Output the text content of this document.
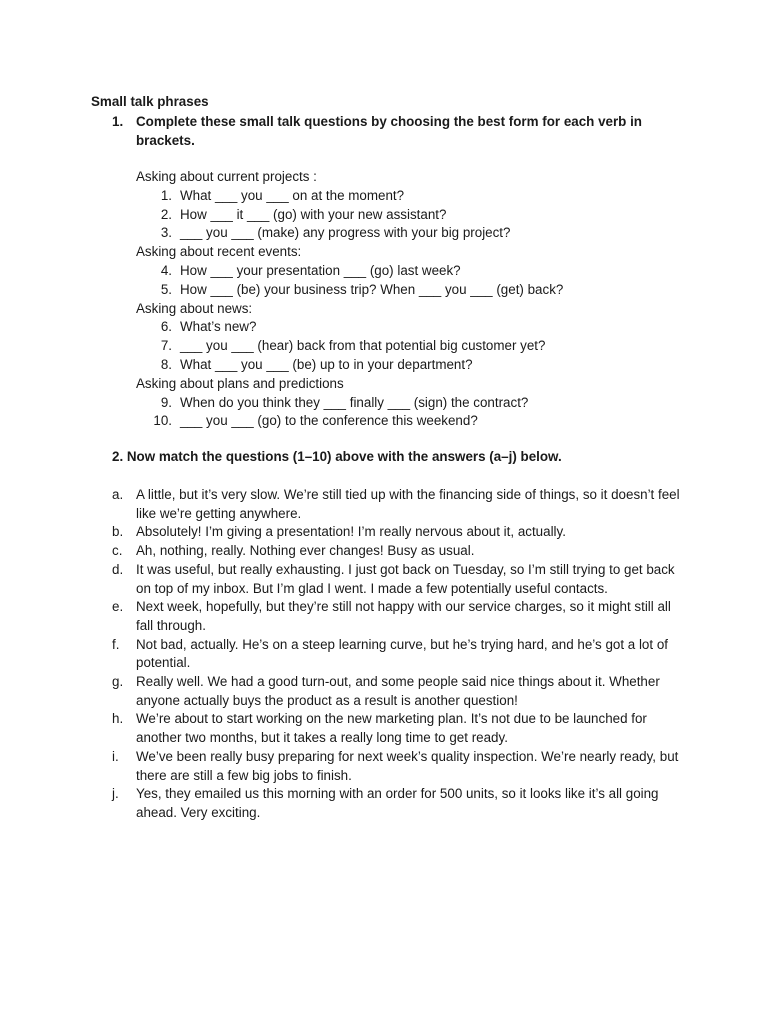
Small talk phrases
1. Complete these small talk questions by choosing the best form for each verb in brackets.
Asking about current projects :
1. What ___ you ___ on at the moment?
2. How ___ it ___ (go) with your new assistant?
3. ___ you ___ (make) any progress with your big project?
Asking about recent events:
4. How ___ your presentation ___ (go) last week?
5. How ___ (be) your business trip? When ___ you ___ (get) back?
Asking about news:
6. What’s new?
7. ___ you ___ (hear) back from that potential big customer yet?
8. What ___ you ___ (be) up to in your department?
Asking about plans and predictions
9. When do you think they ___ finally ___ (sign) the contract?
10. ___ you ___ (go) to the conference this weekend?
2. Now match the questions (1–10) above with the answers (a–j) below.
a. A little, but it’s very slow. We’re still tied up with the financing side of things, so it doesn’t feel like we’re getting anywhere.
b. Absolutely! I’m giving a presentation! I’m really nervous about it, actually.
c. Ah, nothing, really. Nothing ever changes! Busy as usual.
d. It was useful, but really exhausting. I just got back on Tuesday, so I’m still trying to get back on top of my inbox. But I’m glad I went. I made a few potentially useful contacts.
e. Next week, hopefully, but they’re still not happy with our service charges, so it might still all fall through.
f. Not bad, actually. He’s on a steep learning curve, but he’s trying hard, and he’s got a lot of potential.
g. Really well. We had a good turn-out, and some people said nice things about it. Whether anyone actually buys the product as a result is another question!
h. We’re about to start working on the new marketing plan. It’s not due to be launched for another two months, but it takes a really long time to get ready.
i. We’ve been really busy preparing for next week’s quality inspection. We’re nearly ready, but there are still a few big jobs to finish.
j. Yes, they emailed us this morning with an order for 500 units, so it looks like it’s all going ahead. Very exciting.
